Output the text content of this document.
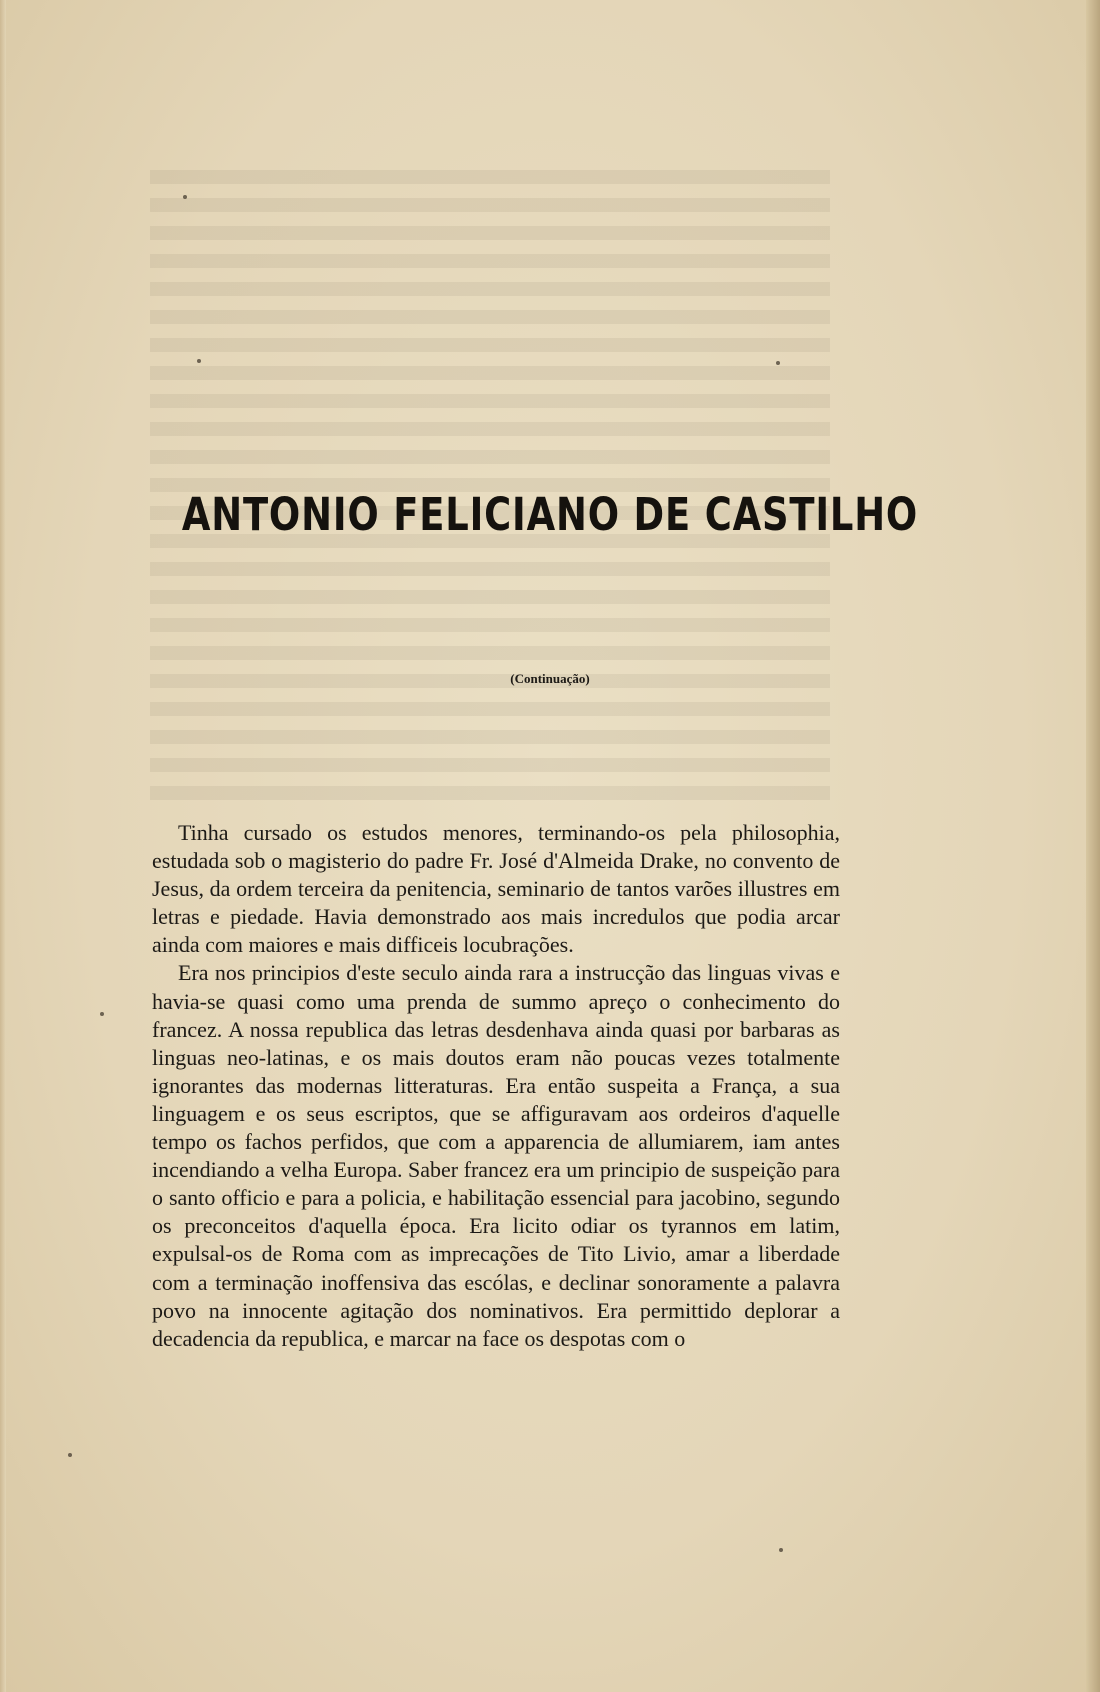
ANTONIO FELICIANO DE CASTILHO
(Continuação)

Tinha cursado os estudos menores, terminando-os pela philosophia, estudada sob o magisterio do padre Fr. José d'Almeida Drake, no convento de Jesus, da ordem terceira da penitencia, seminario de tantos varões illustres em letras e piedade. Havia demonstrado aos mais incredulos que podia arcar ainda com maiores e mais difficeis locubrações.

Era nos principios d'este seculo ainda rara a instrucção das linguas vivas e havia-se quasi como uma prenda de summo apreço o conhecimento do francez. A nossa republica das letras desdenhava ainda quasi por barbaras as linguas neo-latinas, e os mais doutos eram não poucas vezes totalmente ignorantes das modernas litteraturas. Era então suspeita a França, a sua linguagem e os seus escriptos, que se affiguravam aos ordeiros d'aquelle tempo os fachos perfidos, que com a apparencia de allumiarem, iam antes incendiando a velha Europa. Saber francez era um principio de suspeição para o santo officio e para a policia, e habilitação essencial para jacobino, segundo os preconceitos d'aquella época. Era licito odiar os tyrannos em latim, expulsal-os de Roma com as imprecações de Tito Livio, amar a liberdade com a terminação inoffensiva das escólas, e declinar sonoramente a palavra povo na innocente agitação dos nominativos. Era permittido deplorar a decadencia da republica, e marcar na face os despotas com o
